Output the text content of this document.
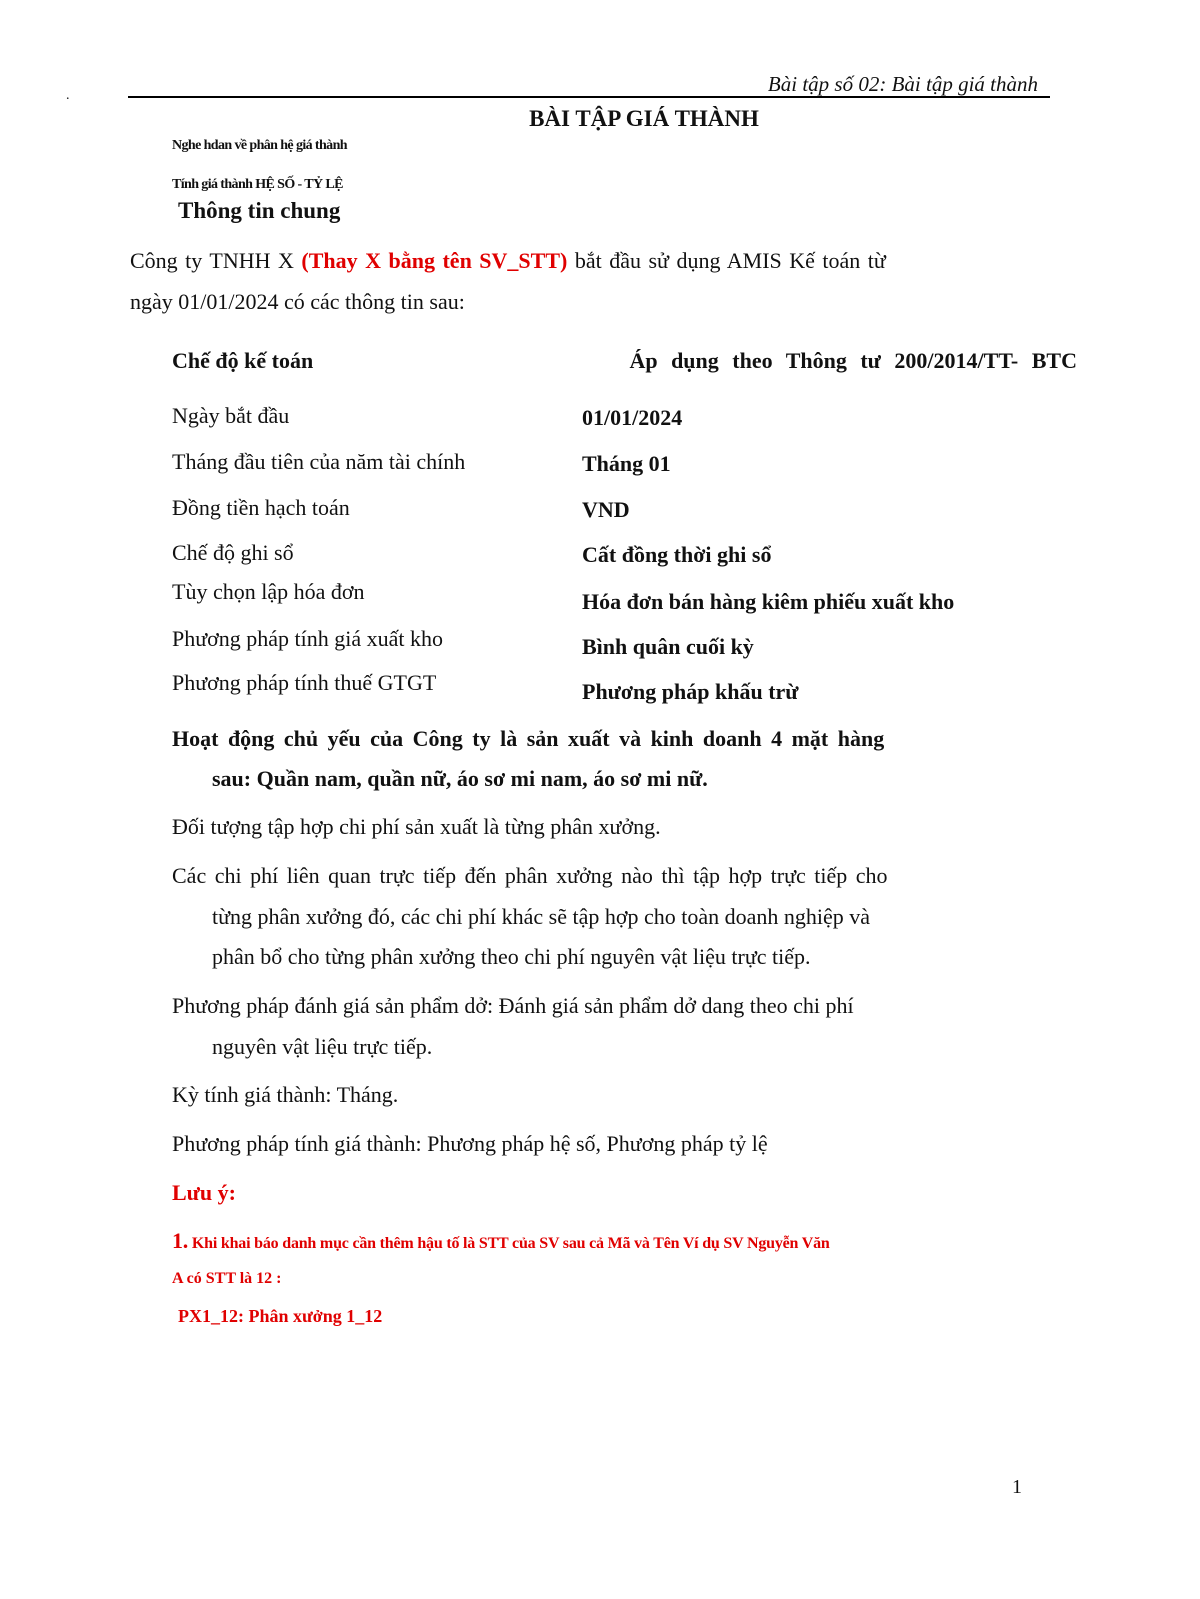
.	Bài tập số 02: Bài tập giá thành
BÀI TẬP GIÁ THÀNH
Nghe hdan về phân hệ giá thành
Tính giá thành HỆ SỐ - TỶ LỆ
Thông tin chung
Công ty TNHH X (Thay X bằng tên SV_STT) bắt đầu sử dụng AMIS Kế toán từ
ngày 01/01/2024 có các thông tin sau:
Chế độ kế toán	Áp dụng theo Thông tư 200/2014/TT- BTC
Ngày bắt đầu	01/01/2024
Tháng đầu tiên của năm tài chính	Tháng 01
Đồng tiền hạch toán	VND
Chế độ ghi sổ	Cất đồng thời ghi sổ
Tùy chọn lập hóa đơn	Hóa đơn bán hàng kiêm phiếu xuất kho
Phương pháp tính giá xuất kho	Bình quân cuối kỳ
Phương pháp tính thuế GTGT	Phương pháp khấu trừ
Hoạt động chủ yếu của Công ty là sản xuất và kinh doanh 4 mặt hàng
sau: Quần nam, quần nữ, áo sơ mi nam, áo sơ mi nữ.
Đối tượng tập hợp chi phí sản xuất là từng phân xưởng.
Các chi phí liên quan trực tiếp đến phân xưởng nào thì tập hợp trực tiếp cho
từng phân xưởng đó, các chi phí khác sẽ tập hợp cho toàn doanh nghiệp và
phân bổ cho từng phân xưởng theo chi phí nguyên vật liệu trực tiếp.
Phương pháp đánh giá sản phẩm dở: Đánh giá sản phẩm dở dang theo chi phí
nguyên vật liệu trực tiếp.
Kỳ tính giá thành: Tháng.
Phương pháp tính giá thành: Phương pháp hệ số, Phương pháp tỷ lệ
Lưu ý:
1. Khi khai báo danh mục cần thêm hậu tố là STT của SV sau cả Mã và Tên Ví dụ SV Nguyễn Văn
A có STT là 12 :
PX1_12: Phân xưởng 1_12
1
